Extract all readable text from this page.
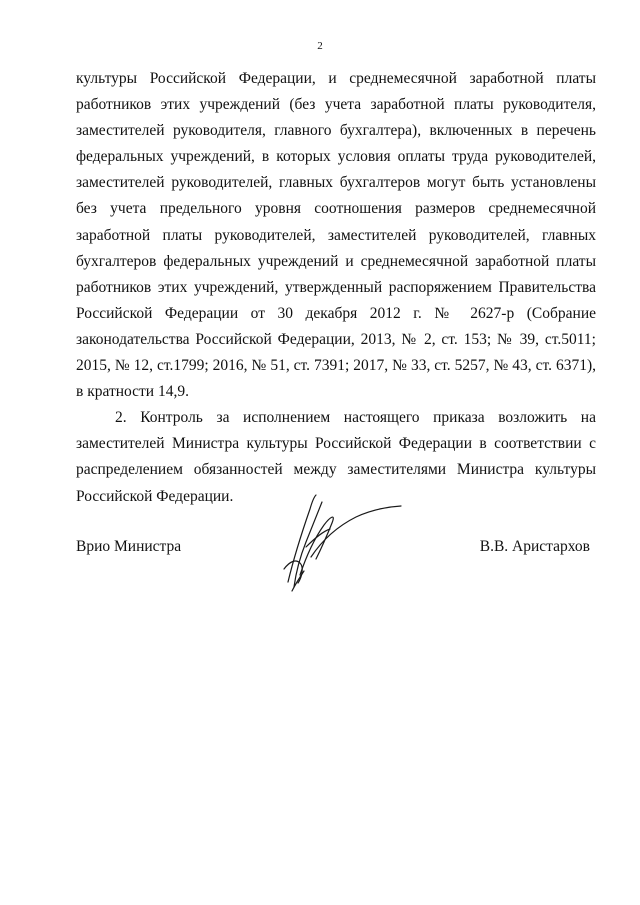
2

культуры Российской Федерации, и среднемесячной заработной платы работников этих учреждений (без учета заработной платы руководителя, заместителей руководителя, главного бухгалтера), включенных в перечень федеральных учреждений, в которых условия оплаты труда руководителей, заместителей руководителей, главных бухгалтеров могут быть установлены без учета предельного уровня соотношения размеров среднемесячной заработной платы руководителей, заместителей руководителей, главных бухгалтеров федеральных учреждений и среднемесячной заработной платы работников этих учреждений, утвержденный распоряжением Правительства Российской Федерации от 30 декабря 2012 г. № 2627-р (Собрание законодательства Российской Федерации, 2013, № 2, ст. 153; № 39, ст.5011; 2015, № 12, ст.1799; 2016, № 51, ст. 7391; 2017, № 33, ст. 5257, № 43, ст. 6371), в кратности 14,9.

2. Контроль за исполнением настоящего приказа возложить на заместителей Министра культуры Российской Федерации в соответствии с распределением обязанностей между заместителями Министра культуры Российской Федерации.

Врио Министра	В.В. Аристархов
